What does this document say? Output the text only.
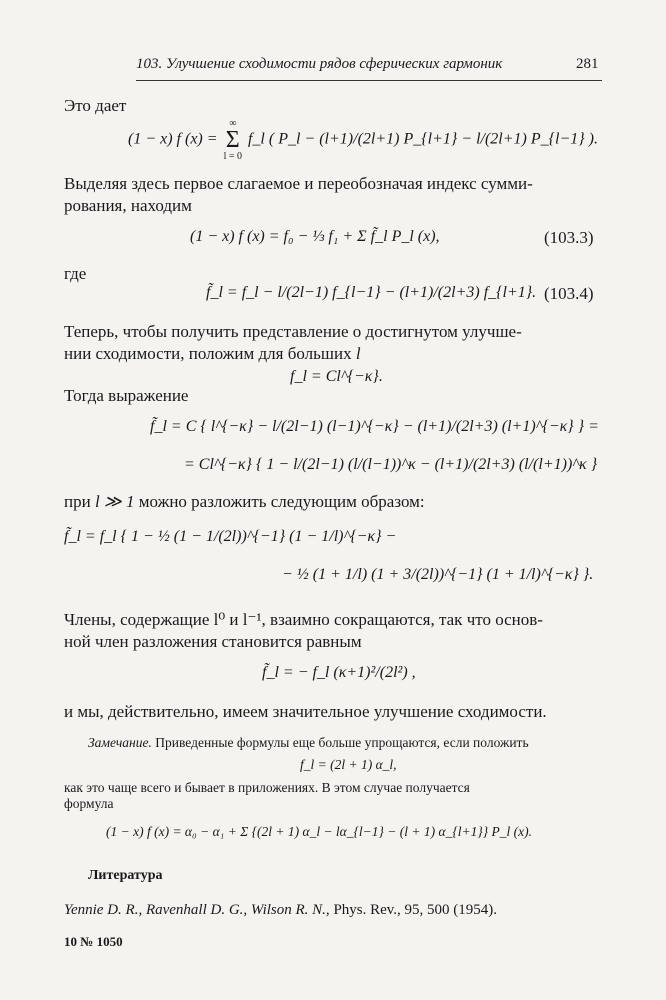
103. Улучшение сходимости рядов сферических гармоник	281
Это дает
(1 − x) f (x) =
∞
Σ
l = 0
f_l ( P_l − (l+1)/(2l+1) P_{l+1} − l/(2l+1) P_{l−1} ).
Выделяя здесь первое слагаемое и переобозначая индекс сумми-
рования, находим
(1 − x) f (x) = f₀ − ⅓ f₁ + Σ f̃_l P_l (x),	(103.3)
где
f̃_l = f_l − l/(2l−1) f_{l−1} − (l+1)/(2l+3) f_{l+1}. (103.4)
Теперь, чтобы получить представление о достигнутом улучше-
нии сходимости, положим для больших l
f_l = Cl^{−κ}.
Тогда выражение
f̃_l = C { l^{−κ} − l/(2l−1) (l−1)^{−κ} − (l+1)/(2l+3) (l+1)^{−κ} } =
= Cl^{−κ} { 1 − l/(2l−1) (l/(l−1))^κ − (l+1)/(2l+3) (l/(l+1))^κ }
при l ≫ 1 можно разложить следующим образом:
f̃_l = f_l { 1 − ½ (1 − 1/(2l))^{−1} (1 − 1/l)^{−κ} −
− ½ (1 + 1/l) (1 + 3/(2l))^{−1} (1 + 1/l)^{−κ} }.
Члены, содержащие l⁰ и l⁻¹, взаимно сокращаются, так что основ-
ной член разложения становится равным
f̃_l = − f_l (κ+1)²/(2l²) ,
и мы, действительно, имеем значительное улучшение сходимости.
Замечание. Приведенные формулы еще больше упрощаются, если положить
f_l = (2l + 1) α_l,
как это чаще всего и бывает в приложениях. В этом случае получается
формула
(1 − x) f (x) = α₀ − α₁ + Σ {(2l + 1) α_l − lα_{l−1} − (l + 1) α_{l+1}} P_l (x).
Литература
Yennie D. R., Ravenhall D. G., Wilson R. N., Phys. Rev., 95, 500 (1954).
10 № 1050
